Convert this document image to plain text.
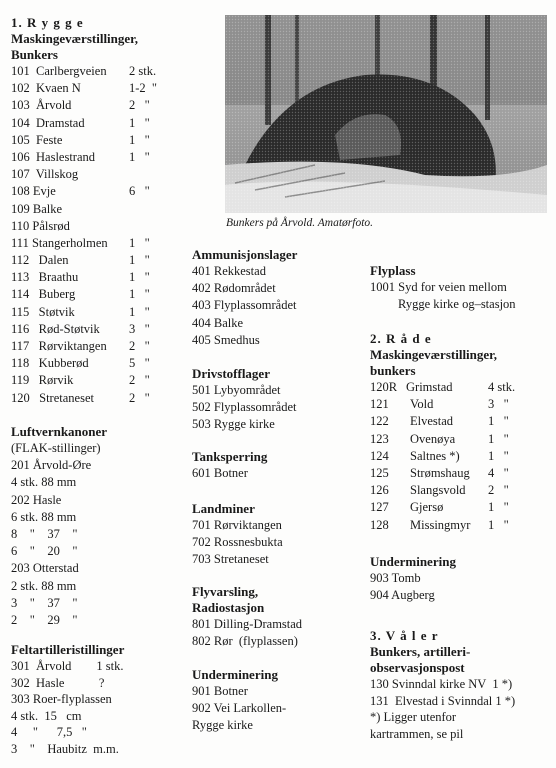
1. R y g g e
Maskingeværstillinger,
Bunkers
101  Carlbergveien 2 stk.
102  Kvaen N	1-2  "
103  Årvold	2   "
104  Dramstad	1   "
105  Feste	1   "
106  Haslestrand	1   "
107  Villskog
108 Evje	6   "
109 Balke
110 Pålsrød
111 Stangerholmen 1   "
112   Dalen	1   "
113   Braathu	1   "
114   Buberg	1   "
115   Støtvik	1   "
116   Rød-Støtvik 3   "
117   Rørviktangen 2   "
118   Kubberød	5   "
119   Rørvik	2   "
120   Stretaneset	2   "
Luftvernkanoner
(FLAK-stillinger)
201 Årvold-Øre
4 stk. 88 mm
202 Hasle
6 stk. 88 mm
8    "    37    "
6    "    20    "
203 Otterstad
2 stk. 88 mm
3    "    37    "
2    "    29    "
Feltartilleristillinger
301  Årvold        1 stk.
302  Hasle           ?
303 Roer-flyplassen
4 stk.  15   cm
4     "      7,5   "
3    "    Haubitz  m.m.
Bunkers på Årvold. Amatørfoto.
Ammunisjonslager
401 Rekkestad
402 Rødområdet
403 Flyplassområdet
404 Balke
405 Smedhus
Drivstofflager
501 Lybyområdet
502 Flyplassområdet
503 Rygge kirke
Tanksperring
601 Botner
Landminer
701 Rørviktangen
702 Rossnesbukta
703 Stretaneset
Flyvarsling,
Radiostasjon
801 Dilling-Dramstad
802 Rør  (flyplassen)
Underminering
901 Botner
902 Vei Larkollen-
Rygge kirke
Flyplass
1001 Syd for veien mellom
Rygge kirke og–stasjon
2. R å d e
Maskingeværstillinger,
bunkers
120R Grimstad	4 stk.
121 Vold	3   "
122 Elvestad	1   "
123 Ovenøya	1   "
124 Saltnes *) 1   "
125 Strømshaug 4   "
126 Slangsvold 2   "
127 Gjersø	1   "
128 Missingmyr 1   "
Underminering
903 Tomb
904 Augberg
3. V å l e r
Bunkers, artilleri-
observasjonspost
130 Svinndal kirke NV  1 *)
131  Elvestad i Svinndal 1 *)
*) Ligger utenfor
kartrammen, se pil
